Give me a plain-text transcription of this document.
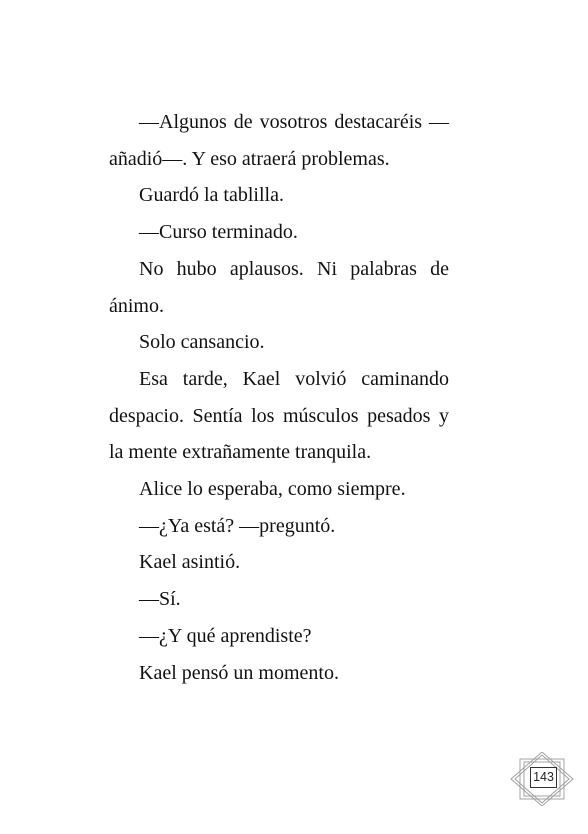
—Algunos de vosotros destacaréis —añadió—. Y eso atraerá problemas.

Guardó la tablilla.

—Curso terminado.

No hubo aplausos. Ni palabras de ánimo.

Solo cansancio.

Esa tarde, Kael volvió caminando despacio. Sentía los músculos pesados y la mente extrañamente tranquila.

Alice lo esperaba, como siempre.

—¿Ya está? —preguntó.

Kael asintió.

—Sí.

—¿Y qué aprendiste?

Kael pensó un momento.

143
